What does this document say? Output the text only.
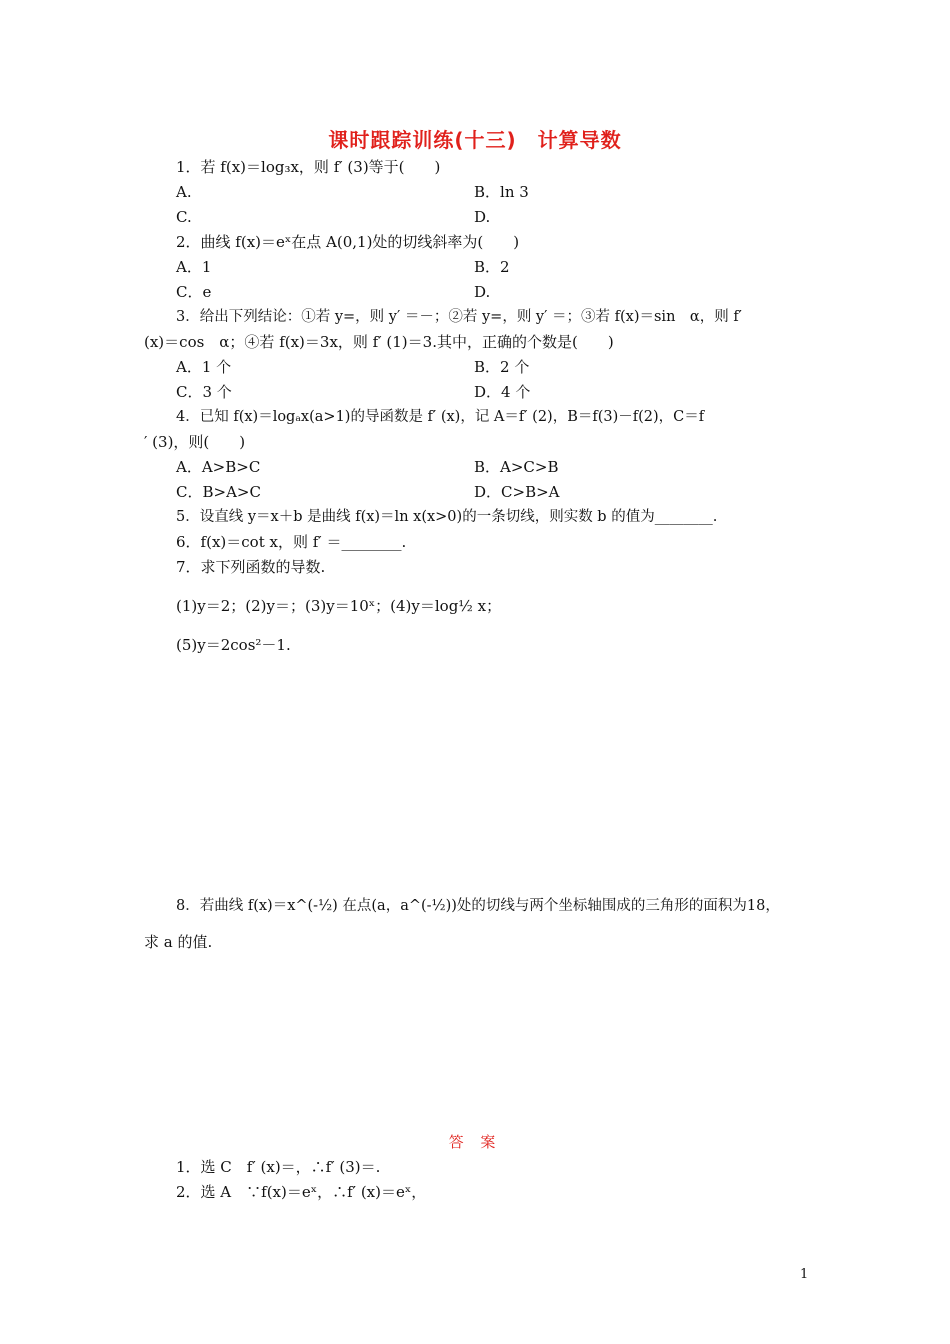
课时跟踪训练(十三)　计算导数
1．若 f(x)＝log₃x，则 f′ (3)等于(　　)
A.	B．ln 3
C.	D.
2．曲线 f(x)＝eˣ在点 A(0,1)处的切线斜率为(　　)
A．1	B．2
C．e	D.
3．给出下列结论：①若 y=，则 y′ ＝－；②若 y=，则 y′ ＝；③若 f(x)＝sin　α，则 f′
(x)＝cos　α；④若 f(x)＝3x，则 f′ (1)＝3.其中，正确的个数是(　　)
A．1 个	B．2 个
C．3 个	D．4 个
4．已知 f(x)＝logₐx(a>1)的导函数是 f′ (x)，记 A＝f′ (2)，B＝f(3)－f(2)，C＝f
′ (3)，则(　　)
A．A>B>C	B．A>C>B
C．B>A>C	D．C>B>A
5．设直线 y＝x＋b 是曲线 f(x)＝ln x(x>0)的一条切线，则实数 b 的值为________.
6．f(x)＝cot x，则 f′ ＝________.
7．求下列函数的导数.
(1)y＝2；(2)y＝；(3)y＝10ˣ；(4)y＝log½ x；
(5)y＝2cos²－1.
8．若曲线 f(x)＝x^(-½) 在点(a，a^(-½))处的切线与两个坐标轴围成的三角形的面积为18，
求 a 的值.
答 案
1．选 C　f′ (x)＝，∴f′ (3)＝.
2．选 A　∵f(x)＝eˣ，∴f′ (x)＝eˣ，
1
